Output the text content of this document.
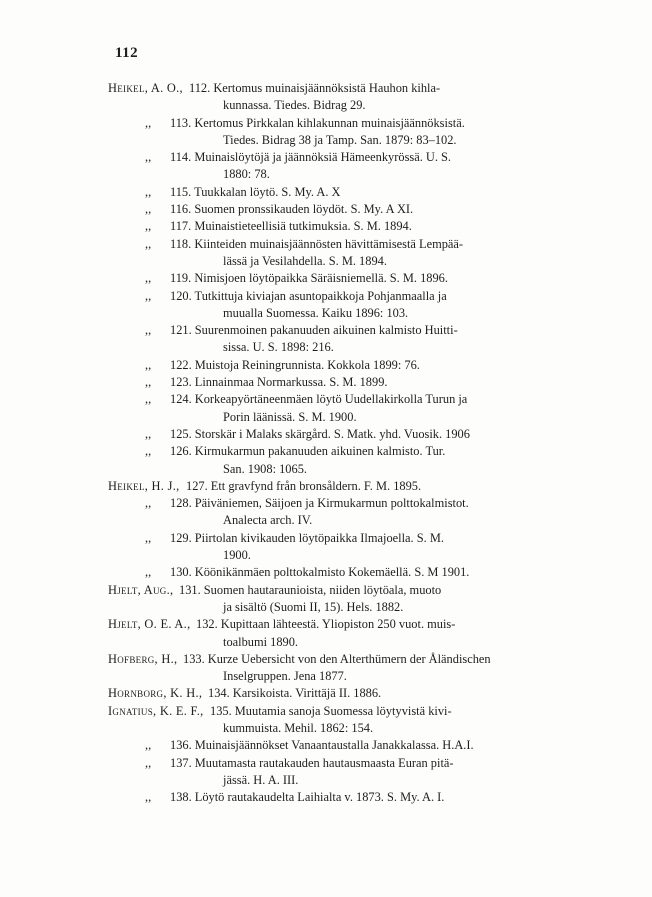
112
Heikel, A. O., 112. Kertomus muinaisjäännöksistä Hauhon kihla-
kunnassa. Tiedes. Bidrag 29.
,, 113. Kertomus Pirkkalan kihlakunnan muinaisjäännöksistä.
Tiedes. Bidrag 38 ja Tamp. San. 1879: 83–102.
,, 114. Muinaislöytöjä ja jäännöksiä Hämeenkyrössä. U. S.
1880: 78.
,, 115. Tuukkalan löytö. S. My. A. X
,, 116. Suomen pronssikauden löydöt. S. My. A XI.
,, 117. Muinaistieteellisiä tutkimuksia. S. M. 1894.
,, 118. Kiinteiden muinaisjäännösten hävittämisestä Lempää-
lässä ja Vesilahdella. S. M. 1894.
,, 119. Nimisjoen löytöpaikka Säräisniemellä. S. M. 1896.
,, 120. Tutkittuja kiviajan asuntopaikkoja Pohjanmaalla ja
muualla Suomessa. Kaiku 1896: 103.
,, 121. Suurenmoinen pakanuuden aikuinen kalmisto Huitti-
sissa. U. S. 1898: 216.
,, 122. Muistoja Reiningrunnista. Kokkola 1899: 76.
,, 123. Linnainmaa Normarkussa. S. M. 1899.
,, 124. Korkeapyörtäneenmäen löytö Uudellakirkolla Turun ja
Porin läänissä. S. M. 1900.
,, 125. Storskär i Malaks skärgård. S. Matk. yhd. Vuosik. 1906
,, 126. Kirmukarmun pakanuuden aikuinen kalmisto. Tur.
San. 1908: 1065.
Heikel, H. J., 127. Ett gravfynd från bronsåldern. F. M. 1895.
,, 128. Päiväniemen, Säijoen ja Kirmukarmun polttokalmistot.
Analecta arch. IV.
,, 129. Piirtolan kivikauden löytöpaikka Ilmajoella. S. M.
1900.
,, 130. Köönikänmäen polttokalmisto Kokemäellä. S. M 1901.
Hjelt, Aug., 131. Suomen hautaraunioista, niiden löytöala, muoto
ja sisältö (Suomi II, 15). Hels. 1882.
Hjelt, O. E. A., 132. Kupittaan lähteestä. Yliopiston 250 vuot. muis-
toalbumi 1890.
Hofberg, H., 133. Kurze Uebersicht von den Alterthümern der Åländischen
Inselgruppen. Jena 1877.
Hornborg, K. H., 134. Karsikoista. Virittäjä II. 1886.
Ignatius, K. E. F., 135. Muutamia sanoja Suomessa löytyvistä kivi-
kummuista. Mehil. 1862: 154.
,, 136. Muinaisjäännökset Vanaantaustalla Janakkalassa. H.A.I.
,, 137. Muutamasta rautakauden hautausmaasta Euran pitä-
jässä. H. A. III.
,, 138. Löytö rautakaudelta Laihialta v. 1873. S. My. A. I.
